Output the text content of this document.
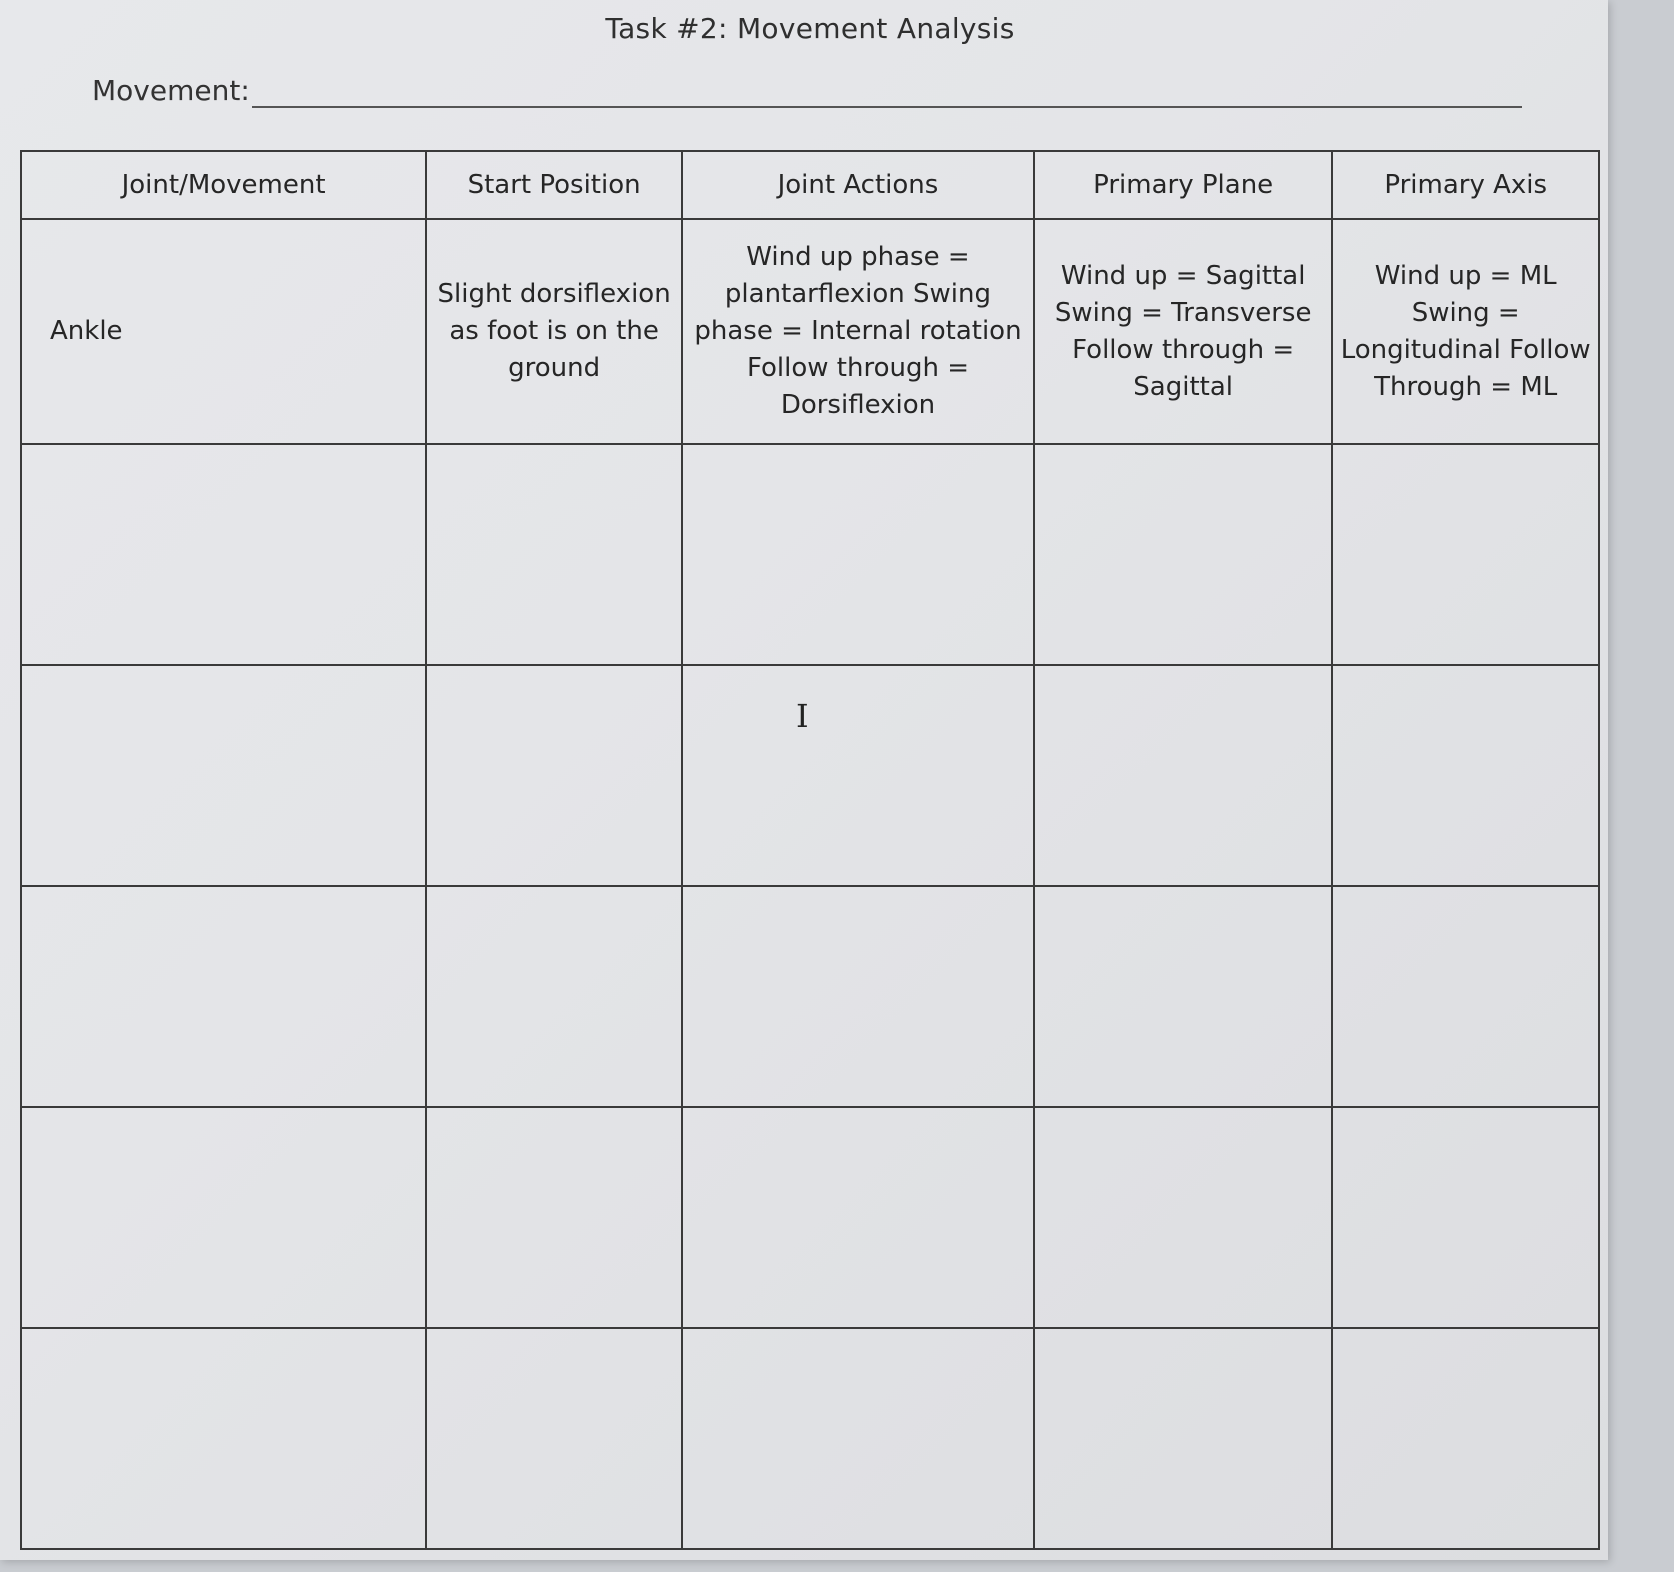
Task #2: Movement Analysis
Movement:
Joint/Movement	Start Position	Joint Actions	Primary Plane	Primary Axis
Ankle	Slight dorsiflexion as foot is on the ground	Wind up phase = plantarflexion Swing phase = Internal rotation Follow through = Dorsiflexion	Wind up = Sagittal Swing = Transverse Follow through = Sagittal	Wind up = ML Swing = Longitudinal Follow Through = ML

I
